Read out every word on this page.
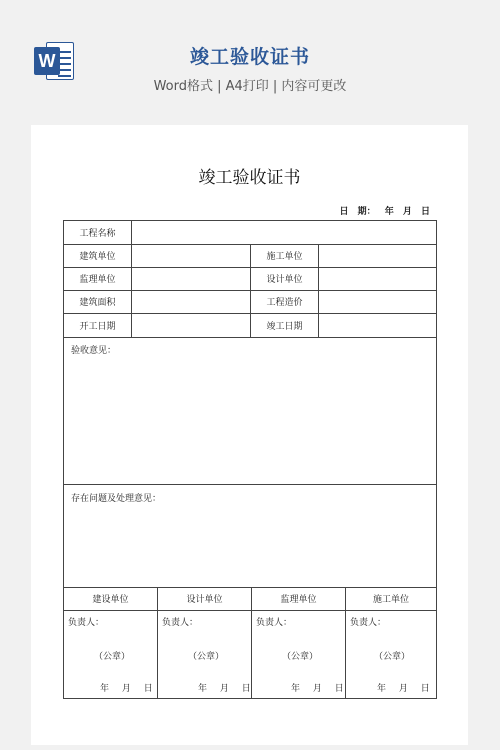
W	竣工验收证书
Word格式 | A4打印 | 内容可更改
竣工验收证书
日 期： 年 月 日
工程名称
建筑单位	施工单位
监理单位	设计单位
建筑面积	工程造价
开工日期	竣工日期
验收意见：
存在问题及处理意见：
建设单位	设计单位	监理单位	施工单位
负责人：	负责人：	负责人：	负责人：
（公章）	（公章）	（公章）	（公章）
年 月 日	年 月 日	年 月 日	年 月 日
